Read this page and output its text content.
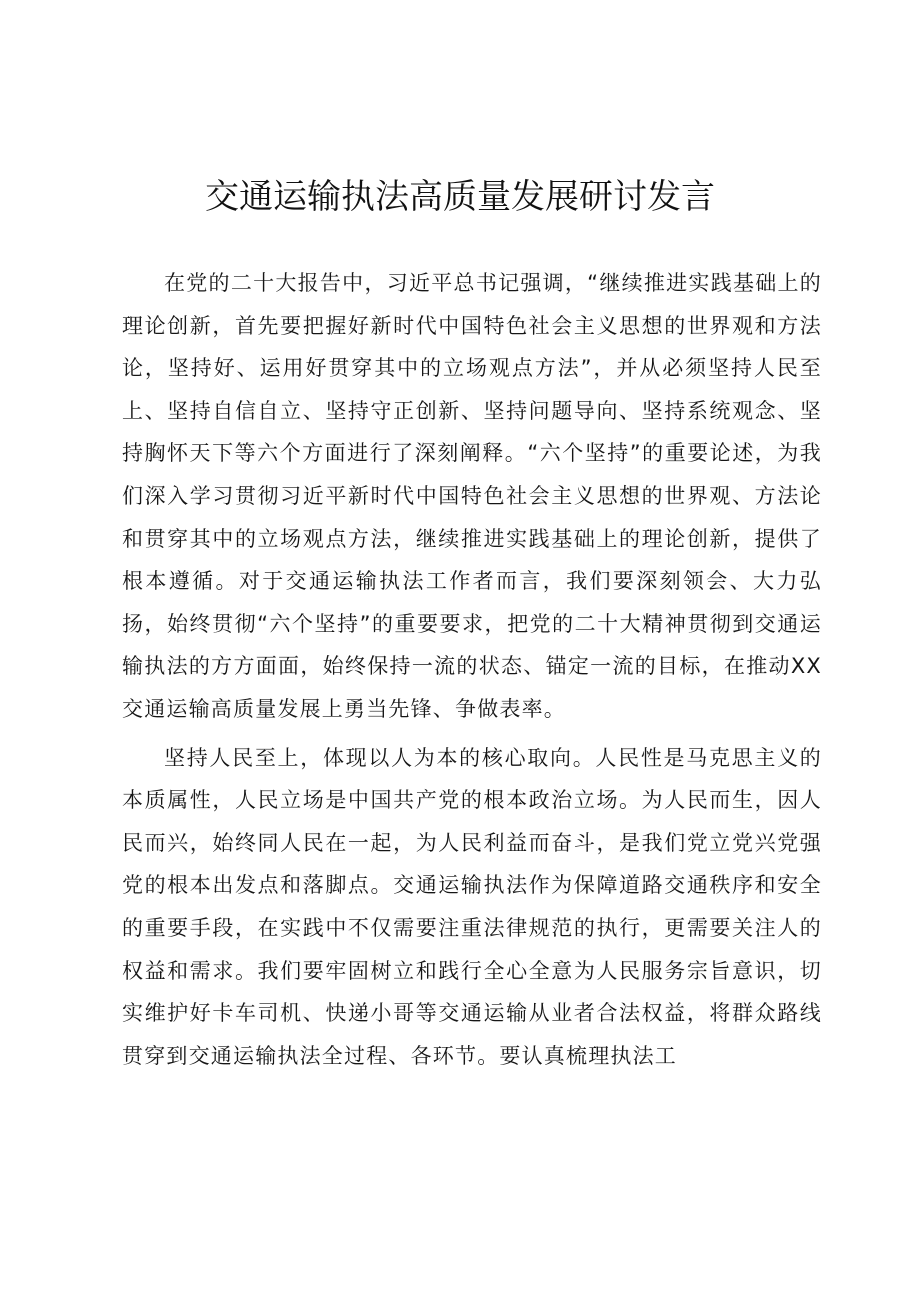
交通运输执法高质量发展研讨发言

在党的二十大报告中，习近平总书记强调，“继续推进实践基础上的理论创新，首先要把握好新时代中国特色社会主义思想的世界观和方法论，坚持好、运用好贯穿其中的立场观点方法”，并从必须坚持人民至上、坚持自信自立、坚持守正创新、坚持问题导向、坚持系统观念、坚持胸怀天下等六个方面进行了深刻阐释。“六个坚持”的重要论述，为我们深入学习贯彻习近平新时代中国特色社会主义思想的世界观、方法论和贯穿其中的立场观点方法，继续推进实践基础上的理论创新，提供了根本遵循。对于交通运输执法工作者而言，我们要深刻领会、大力弘扬，始终贯彻“六个坚持”的重要要求，把党的二十大精神贯彻到交通运输执法的方方面面，始终保持一流的状态、锚定一流的目标，在推动XX交通运输高质量发展上勇当先锋、争做表率。

坚持人民至上，体现以人为本的核心取向。人民性是马克思主义的本质属性，人民立场是中国共产党的根本政治立场。为人民而生，因人民而兴，始终同人民在一起，为人民利益而奋斗，是我们党立党兴党强党的根本出发点和落脚点。交通运输执法作为保障道路交通秩序和安全的重要手段，在实践中不仅需要注重法律规范的执行，更需要关注人的权益和需求。我们要牢固树立和践行全心全意为人民服务宗旨意识，切实维护好卡车司机、快递小哥等交通运输从业者合法权益，将群众路线贯穿到交通运输执法全过程、各环节。要认真梳理执法工
